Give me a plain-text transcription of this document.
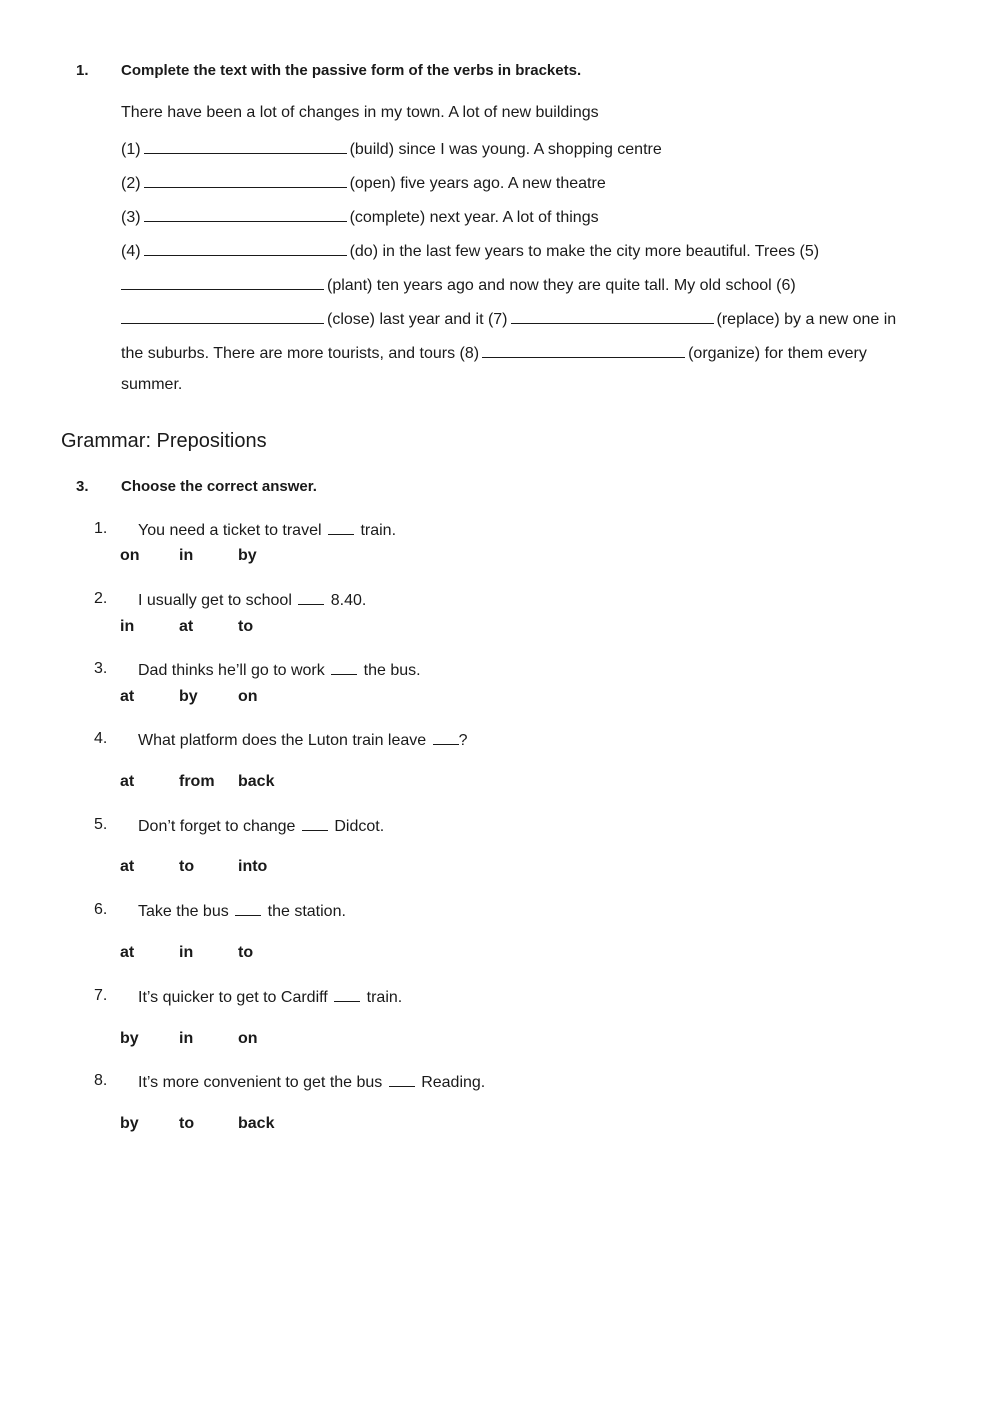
1.	Complete the text with the passive form of the verbs in brackets.
There have been a lot of changes in my town. A lot of new buildings
(1)	(build) since I was young. A shopping centre
(2)	(open) five years ago. A new theatre
(3)	(complete) next year. A lot of things
(4)	(do) in the last few years to make the city more beautiful. Trees (5)
(plant) ten years ago and now they are quite tall. My old school (6)
(close) last year and it (7)	(replace) by a new one in
the suburbs. There are more tourists, and tours (8)	(organize) for them every
summer.
Grammar: Prepositions
3.	Choose the correct answer.
1.	You need a ticket to travel train.
on in	by
2.	I usually get to school 8.40.
in	at	to
3.	Dad thinks he’ll go to work the bus.
at	by	on
4.	What platform does the Luton train leave ?
at	from back
5.	Don’t forget to change Didcot.
at	to	into
6.	Take the bus the station.
at	in	to
7.	It’s quicker to get to Cardiff train.
by	in	on
8.	It’s more convenient to get the bus Reading.
by	to	back
